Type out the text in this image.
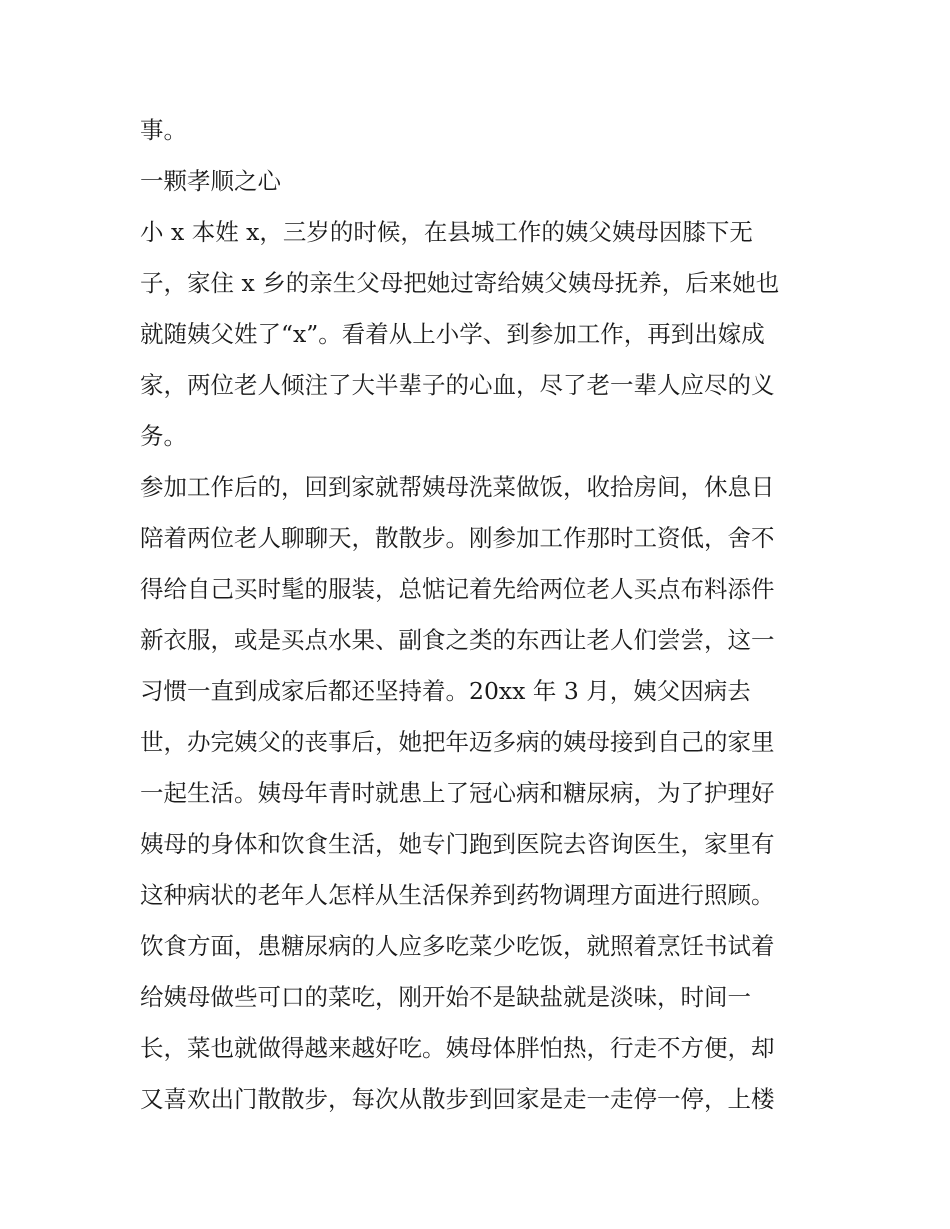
事。
一颗孝顺之心
小 x 本姓 x，三岁的时候，在县城工作的姨父姨母因膝下无
子，家住 x 乡的亲生父母把她过寄给姨父姨母抚养，后来她也
就随姨父姓了“x”。看着从上小学、到参加工作，再到出嫁成
家，两位老人倾注了大半辈子的心血，尽了老一辈人应尽的义
务。
参加工作后的，回到家就帮姨母洗菜做饭，收拾房间，休息日
陪着两位老人聊聊天，散散步。刚参加工作那时工资低，舍不
得给自己买时髦的服装，总惦记着先给两位老人买点布料添件
新衣服，或是买点水果、副食之类的东西让老人们尝尝，这一
习惯一直到成家后都还坚持着。20xx 年 3 月，姨父因病去
世，办完姨父的丧事后，她把年迈多病的姨母接到自己的家里
一起生活。姨母年青时就患上了冠心病和糖尿病，为了护理好
姨母的身体和饮食生活，她专门跑到医院去咨询医生，家里有
这种病状的老年人怎样从生活保养到药物调理方面进行照顾。
饮食方面，患糖尿病的人应多吃菜少吃饭，就照着烹饪书试着
给姨母做些可口的菜吃，刚开始不是缺盐就是淡味，时间一
长，菜也就做得越来越好吃。姨母体胖怕热，行走不方便，却
又喜欢出门散散步，每次从散步到回家是走一走停一停，上楼
